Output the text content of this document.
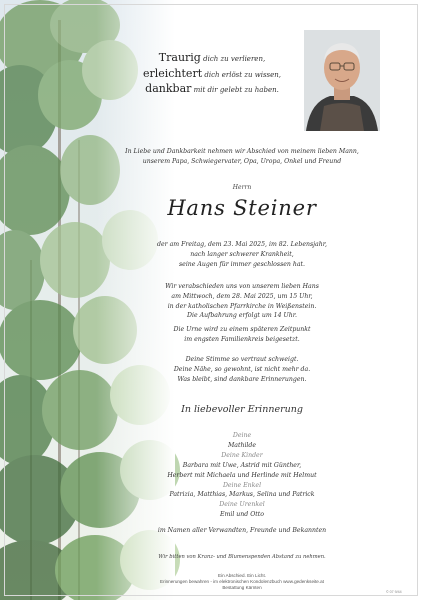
Traurig dich zu verlieren,
erleichtert dich erlöst zu wissen,
dankbar mit dir gelebt zu haben.
In Liebe und Dankbarkeit nehmen wir Abschied von meinem lieben Mann,
unserem Papa, Schwiegervater, Opa, Uropa, Onkel und Freund
Herrn
Hans Steiner
der am Freitag, dem 23. Mai 2025, im 82. Lebensjahr,
nach langer schwerer Krankheit,
seine Augen für immer geschlossen hat.
Wir verabschieden uns von unserem lieben Hans
am Mittwoch, dem 28. Mai 2025, um 15 Uhr,
in der katholischen Pfarrkirche in Weißenstein.
Die Aufbahrung erfolgt um 14 Uhr.
Die Urne wird zu einem späteren Zeitpunkt
im engsten Familienkreis beigesetzt.
Deine Stimme so vertraut schweigt.
Deine Nähe, so gewohnt, ist nicht mehr da.
Was bleibt, sind dankbare Erinnerungen.
In liebevoller Erinnerung
Deine
Mathilde
Deine Kinder
Barbara mit Uwe, Astrid mit Günther,
Herbert mit Michaela und Herlinde mit Helmut
Deine Enkel
Patrizia, Matthias, Markus, Selina und Patrick
Deine Urenkel
Emil und Otto
im Namen aller Verwandten, Freunde und Bekannten
Wir bitten von Kranz- und Blumenspenden Abstand zu nehmen.
Ein Abschied. Ein Licht.
Erinnerungen bewahren - im elektronischen Kondolenzbuch www.gedenkseite.at
Bestattung Kärnten
© 07 9/44
